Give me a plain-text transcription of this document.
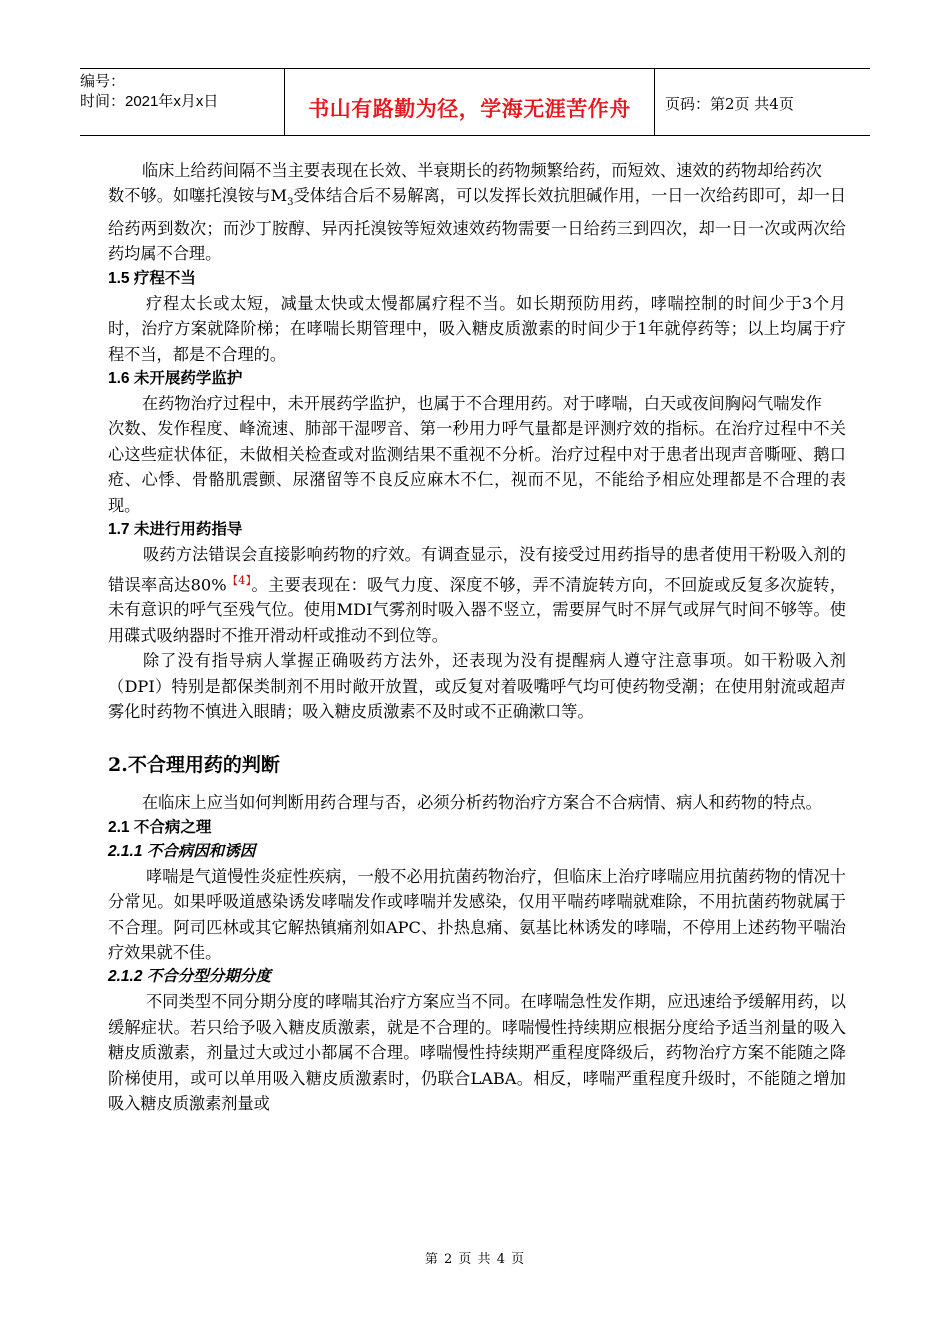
编号：
时间：2021年x月x日	书山有路勤为径，学海无涯苦作舟	页码：第2页 共4页

临床上给药间隔不当主要表现在长效、半衰期长的药物频繁给药，而短效、速效的药物却给药次

数不够。如噻托溴铵与$M_3$受体结合后不易解离，可以发挥长效抗胆碱作用，一日一次给药即可，却一日给药两到数次；而沙丁胺醇、异丙托溴铵等短效速效药物需要一日给药三到四次，却一日一次或两次给药均属不合理。

1.5 疗程不当

疗程太长或太短，减量太快或太慢都属疗程不当。如长期预防用药，哮喘控制的时间少于3个月时，治疗方案就降阶梯；在哮喘长期管理中，吸入糖皮质激素的时间少于1年就停药等；以上均属于疗程不当，都是不合理的。

1.6 未开展药学监护

在药物治疗过程中，未开展药学监护，也属于不合理用药。对于哮喘，白天或夜间胸闷气喘发作

次数、发作程度、峰流速、肺部干湿啰音、第一秒用力呼气量都是评测疗效的指标。在治疗过程中不关心这些症状体征，未做相关检查或对监测结果不重视不分析。治疗过程中对于患者出现声音嘶哑、鹅口疮、心悸、骨骼肌震颤、尿潴留等不良反应麻木不仁，视而不见，不能给予相应处理都是不合理的表现。

1.7 未进行用药指导

吸药方法错误会直接影响药物的疗效。有调查显示，没有接受过用药指导的患者使用干粉吸入剂的错误率高达80%$^{【4】}$。主要表现在：吸气力度、深度不够，弄不清旋转方向，不回旋或反复多次旋转，未有意识的呼气至残气位。使用MDI气雾剂时吸入器不竖立，需要屏气时不屏气或屏气时间不够等。使用碟式吸纳器时不推开滑动杆或推动不到位等。

除了没有指导病人掌握正确吸药方法外，还表现为没有提醒病人遵守注意事项。如干粉吸入剂（DPI）特别是都保类制剂不用时敞开放置，或反复对着吸嘴呼气均可使药物受潮；在使用射流或超声雾化时药物不慎进入眼睛；吸入糖皮质激素不及时或不正确漱口等。

2.不合理用药的判断

在临床上应当如何判断用药合理与否，必须分析药物治疗方案合不合病情、病人和药物的特点。

2.1 不合病之理

2.1.1 不合病因和诱因

哮喘是气道慢性炎症性疾病，一般不必用抗菌药物治疗，但临床上治疗哮喘应用抗菌药物的情况十分常见。如果呼吸道感染诱发哮喘发作或哮喘并发感染，仅用平喘药哮喘就难除，不用抗菌药物就属于不合理。阿司匹林或其它解热镇痛剂如APC、扑热息痛、氨基比林诱发的哮喘，不停用上述药物平喘治疗效果就不佳。

2.1.2 不合分型分期分度

不同类型不同分期分度的哮喘其治疗方案应当不同。在哮喘急性发作期，应迅速给予缓解用药，以缓解症状。若只给予吸入糖皮质激素，就是不合理的。哮喘慢性持续期应根据分度给予适当剂量的吸入糖皮质激素，剂量过大或过小都属不合理。哮喘慢性持续期严重程度降级后，药物治疗方案不能随之降阶梯使用，或可以单用吸入糖皮质激素时，仍联合LABA。相反，哮喘严重程度升级时，不能随之增加吸入糖皮质激素剂量或

第 2 页 共 4 页
